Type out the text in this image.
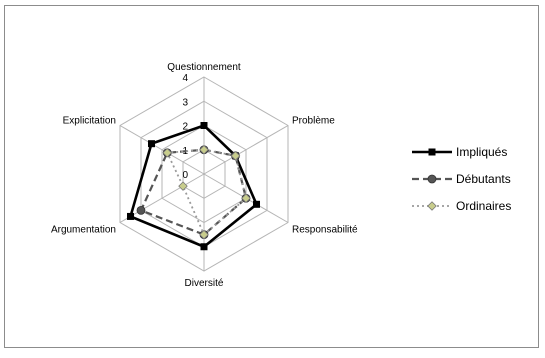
0
1
2
3
4
Questionnement
Problème
Responsabilité
Diversité
Argumentation
Explicitation
Impliqués
Débutants
Ordinaires
